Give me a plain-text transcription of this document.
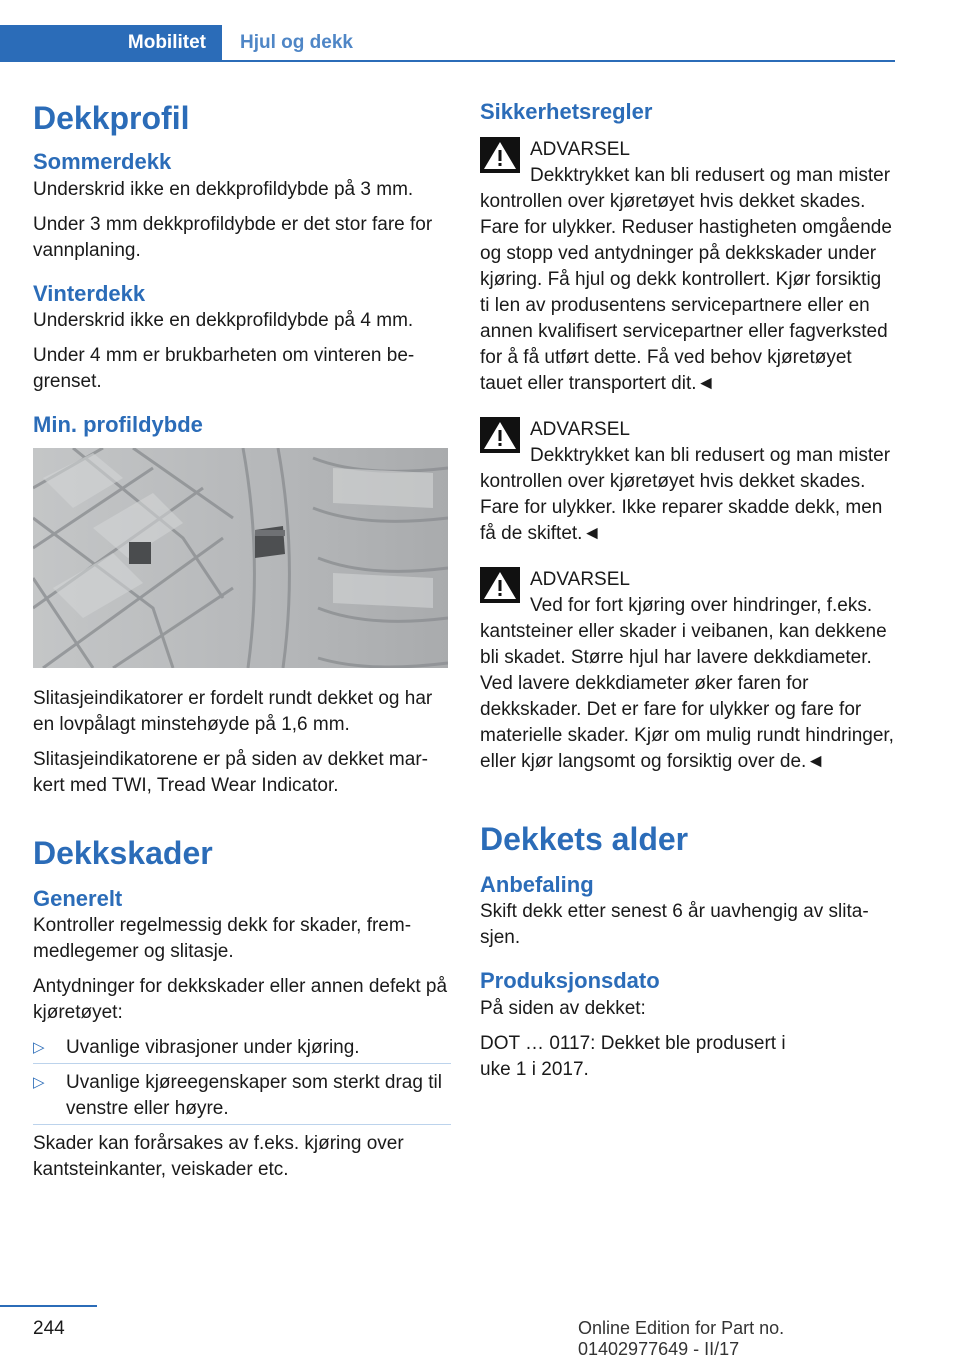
Mobilitet	Hjul og dekk
Dekkprofil
Sommerdekk

Underskrid ikke en dekkprofildybde på 3 mm.

Under 3 mm dekkprofildybde er det stor fare for vannplaning.

Vinterdekk

Underskrid ikke en dekkprofildybde på 4 mm.

Under 4 mm er brukbarheten om vinteren begrenset.

Min. profildybde

Slitasjeindikatorer er fordelt rundt dekket og har en lovpålagt minstehøyde på 1,6 mm.

Slitasjeindikatorene er på siden av dekket markert med TWI, Tread Wear Indicator.

Dekkskader
Generelt

Kontroller regelmessig dekk for skader, fremmedlegemer og slitasje.

Antydninger for dekkskader eller annen defekt på kjøretøyet:

▷ Uvanlige vibrasjoner under kjøring.
▷ Uvanlige kjøreegenskaper som sterkt drag til venstre eller høyre.

Skader kan forårsakes av f.eks. kjøring over kantsteinkanter, veiskader etc.

Sikkerhetsregler
ADVARSEL

Dekktrykket kan bli redusert og man mister kontrollen over kjøretøyet hvis dekket skades. Fare for ulykker. Reduser hastigheten omgående og stopp ved antydninger på dekkskader under kjøring. Få hjul og dekk kontrollert. Kjør forsiktig ti len av produsentens servicepartnere eller en annen kvalifisert servicepartner eller fagverksted for å få utført dette. Få ved behov kjøretøyet tauet eller transportert dit.◄

ADVARSEL

Dekktrykket kan bli redusert og man mister kontrollen over kjøretøyet hvis dekket skades. Fare for ulykker. Ikke reparer skadde dekk, men få de skiftet.◄

ADVARSEL

Ved for fort kjøring over hindringer, f.eks. kantsteiner eller skader i veibanen, kan dekkene bli skadet. Større hjul har lavere dekkdiameter. Ved lavere dekkdiameter øker faren for dekkskader. Det er fare for ulykker og fare for materielle skader. Kjør om mulig rundt hindringer, eller kjør langsomt og forsiktig over de.◄

Dekkets alder
Anbefaling

Skift dekk etter senest 6 år uavhengig av slitasjen.

Produksjonsdato

På siden av dekket:

DOT … 0117: Dekket ble produsert i uke 1 i 2017.

244	Online Edition for Part no. 01402977649 - II/17
